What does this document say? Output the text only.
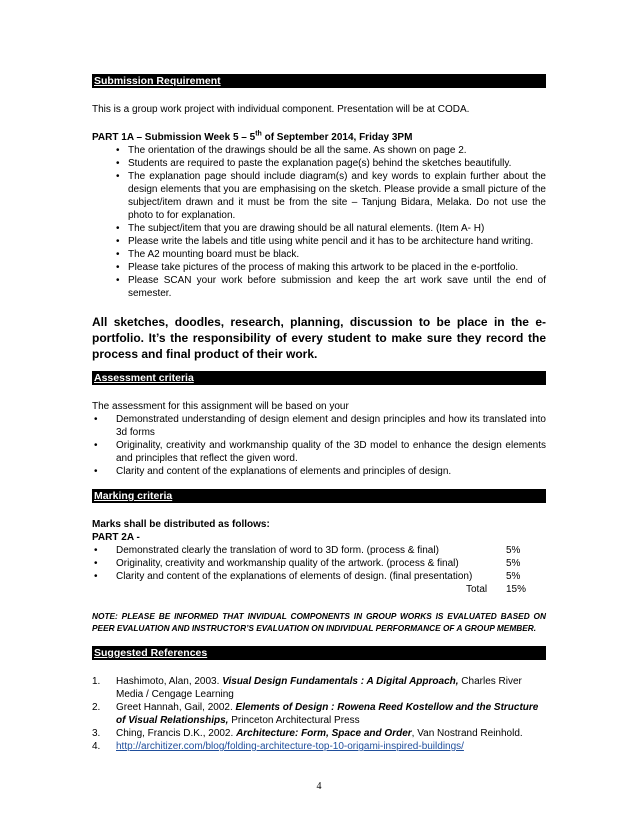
Submission Requirement

This is a group work project with individual component. Presentation will be at CODA.

PART 1A – Submission Week 5 – 5th of September 2014, Friday 3PM

• The orientation of the drawings should be all the same. As shown on page 2.
• Students are required to paste the explanation page(s) behind the sketches beautifully.
• The explanation page should include diagram(s) and key words to explain further about the design elements that you are emphasising on the sketch. Please provide a small picture of the subject/item drawn and it must be from the site – Tanjung Bidara, Melaka. Do not use the photo to for explanation.
• The subject/item that you are drawing should be all natural elements. (Item A- H)
• Please write the labels and title using white pencil and it has to be architecture hand writing.
• The A2 mounting board must be black.
• Please take pictures of the process of making this artwork to be placed in the e-portfolio.
• Please SCAN your work before submission and keep the art work save until the end of semester.

All sketches, doodles, research, planning, discussion to be place in the e-portfolio. It’s the responsibility of every student to make sure they record the process and final product of their work.

Assessment criteria

The assessment for this assignment will be based on your

• Demonstrated understanding of design element and design principles and how its translated into 3d forms
• Originality, creativity and workmanship quality of the 3D model to enhance the design elements and principles that reflect the given word.
• Clarity and content of the explanations of elements and principles of design.
Marking criteria

Marks shall be distributed as follows:

PART 2A -

• Demonstrated clearly the translation of word to 3D form. (process & final)	5%
• Originality, creativity and workmanship quality of the artwork. (process & final)	5%
• Clarity and content of the explanations of elements of design. (final presentation)	5%
Total 15%

NOTE: PLEASE BE INFORMED THAT INVIDUAL COMPONENTS IN GROUP WORKS IS EVALUATED BASED ON PEER EVALUATION AND INSTRUCTOR’S EVALUATION ON INDIVIDUAL PERFORMANCE OF A GROUP MEMBER.

Suggested References
1. Hashimoto, Alan, 2003. Visual Design Fundamentals : A Digital Approach, Charles River Media / Cengage Learning
2. Greet Hannah, Gail, 2002. Elements of Design : Rowena Reed Kostellow and the Structure of Visual Relationships, Princeton Architectural Press
3. Ching, Francis D.K., 2002. Architecture: Form, Space and Order, Van Nostrand Reinhold.
4. http://architizer.com/blog/folding-architecture-top-10-origami-inspired-buildings/
4
